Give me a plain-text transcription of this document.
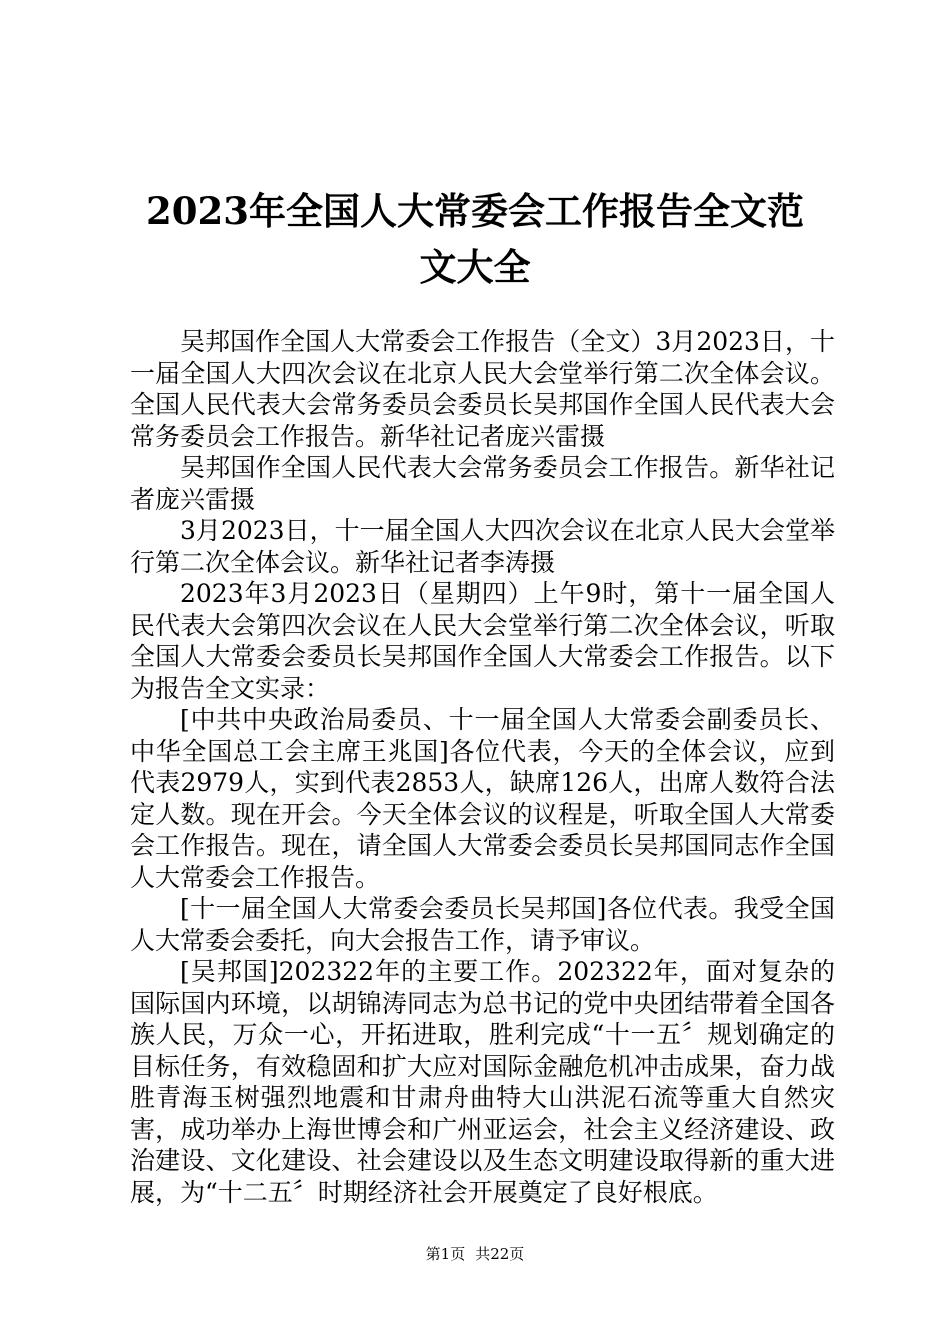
2023年全国人大常委会工作报告全文范文大全

吴邦国作全国人大常委会工作报告（全文）3月2023日，十一届全国人大四次会议在北京人民大会堂举行第二次全体会议。全国人民代表大会常务委员会委员长吴邦国作全国人民代表大会常务委员会工作报告。新华社记者庞兴雷摄

吴邦国作全国人民代表大会常务委员会工作报告。新华社记者庞兴雷摄

3月2023日，十一届全国人大四次会议在北京人民大会堂举行第二次全体会议。新华社记者李涛摄

2023年3月2023日（星期四）上午9时，第十一届全国人民代表大会第四次会议在人民大会堂举行第二次全体会议，听取全国人大常委会委员长吴邦国作全国人大常委会工作报告。以下为报告全文实录：

[中共中央政治局委员、十一届全国人大常委会副委员长、中华全国总工会主席王兆国]各位代表，今天的全体会议，应到代表2979人，实到代表2853人，缺席126人，出席人数符合法定人数。现在开会。今天全体会议的议程是，听取全国人大常委会工作报告。现在，请全国人大常委会委员长吴邦国同志作全国人大常委会工作报告。

[十一届全国人大常委会委员长吴邦国]各位代表。我受全国人大常委会委托，向大会报告工作，请予审议。

[吴邦国]202322年的主要工作。202322年，面对复杂的国际国内环境，以胡锦涛同志为总书记的党中央团结带着全国各族人民，万众一心，开拓进取，胜利完成“十一五〞规划确定的目标任务，有效稳固和扩大应对国际金融危机冲击成果，奋力战胜青海玉树强烈地震和甘肃舟曲特大山洪泥石流等重大自然灾害，成功举办上海世博会和广州亚运会，社会主义经济建设、政治建设、文化建设、社会建设以及生态文明建设取得新的重大进展，为“十二五〞时期经济社会开展奠定了良好根底。

第1页 共22页
